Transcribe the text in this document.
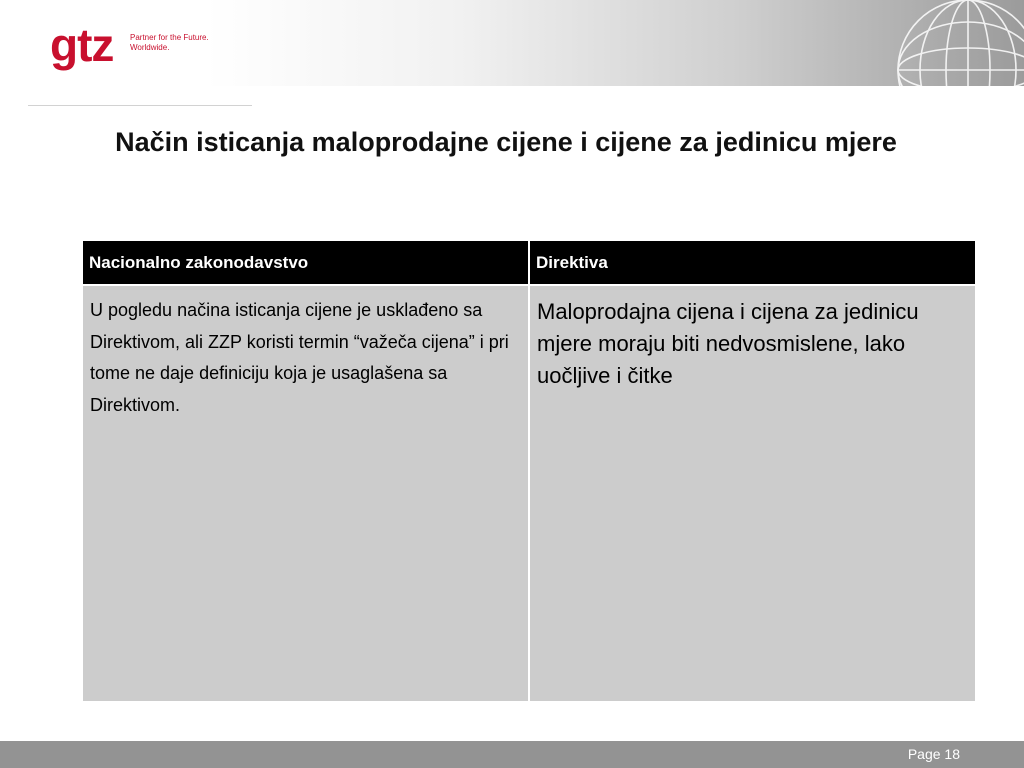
gtz Partner for the Future.
Worldwide.
Način isticanja maloprodajne cijene i cijene za jedinicu mjere
Nacionalno zakonodavstvo	Direktiva
U pogledu načina isticanja cijene je usklađeno sa Direktivom, ali ZZP koristi termin “važeča cijena” i pri tome ne daje definiciju koja je usaglašena sa Direktivom.
Maloprodajna cijena i cijena za jedinicu mjere moraju biti nedvosmislene, lako uočljive i čitke
Page 18
